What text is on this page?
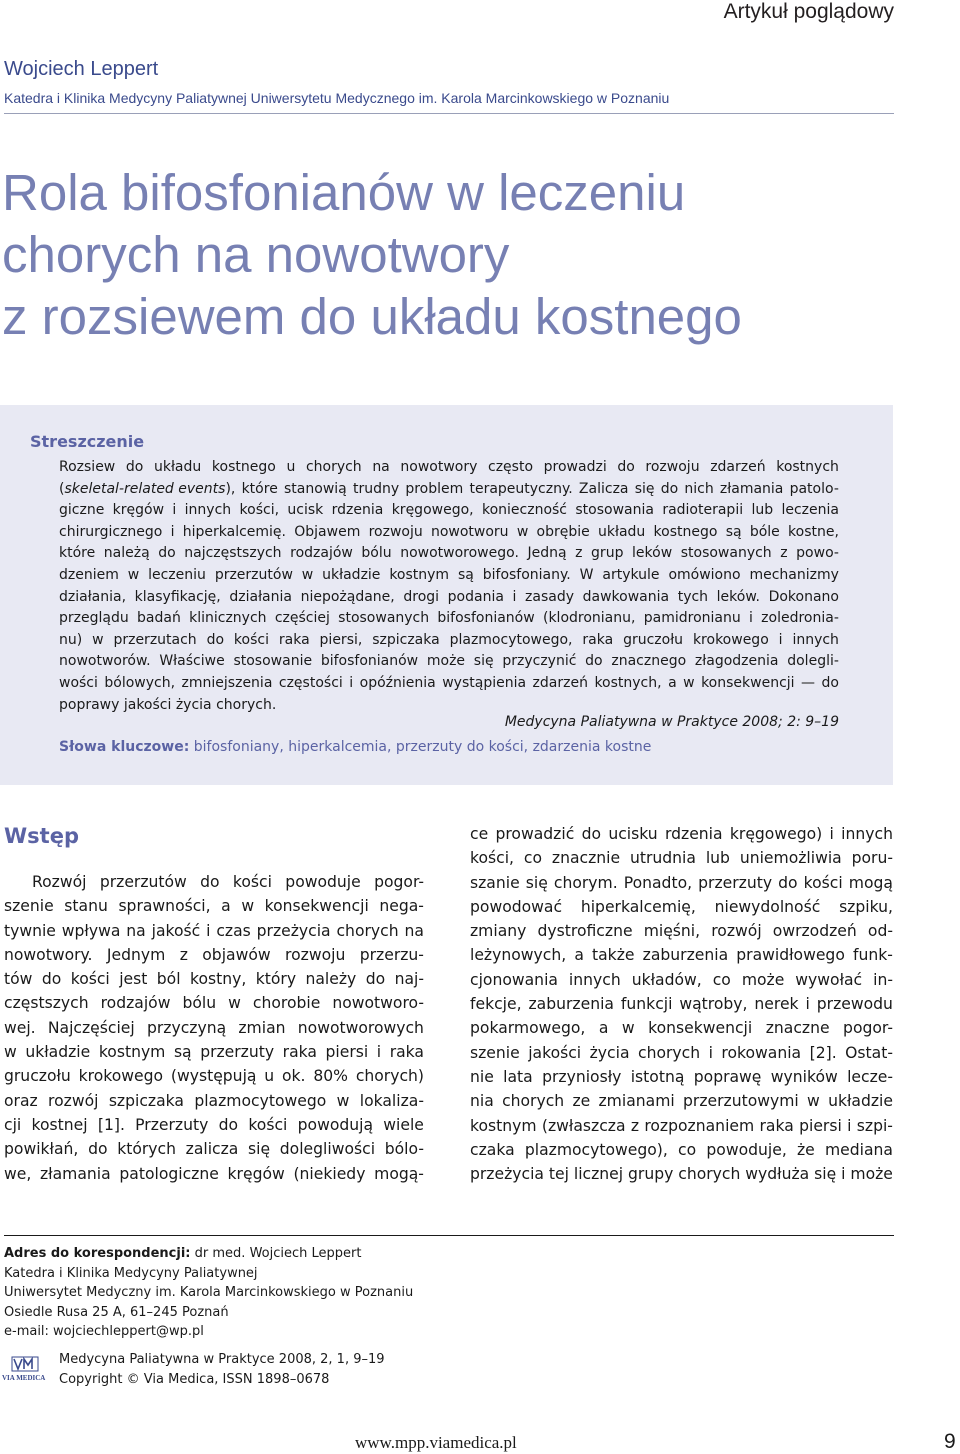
Artykuł poglądowy
Wojciech Leppert
Katedra i Klinika Medycyny Paliatywnej Uniwersytetu Medycznego im. Karola Marcinkowskiego w Poznaniu
Rola bifosfonianów w leczeniu
chorych na nowotwory
z rozsiewem do układu kostnego
Streszczenie
Rozsiew do układu kostnego u chorych na nowotwory często prowadzi do rozwoju zdarzeń kostnych
(skeletal-related events), które stanowią trudny problem terapeutyczny. Zalicza się do nich złamania patolo-
giczne kręgów i innych kości, ucisk rdzenia kręgowego, konieczność stosowania radioterapii lub leczenia
chirurgicznego i hiperkalcemię. Objawem rozwoju nowotworu w obrębie układu kostnego są bóle kostne,
które należą do najczęstszych rodzajów bólu nowotworowego. Jedną z grup leków stosowanych z powo-
dzeniem w leczeniu przerzutów w układzie kostnym są bifosfoniany. W artykule omówiono mechanizmy
działania, klasyfikację, działania niepożądane, drogi podania i zasady dawkowania tych leków. Dokonano
przeglądu badań klinicznych częściej stosowanych bifosfonianów (klodronianu, pamidronianu i zoledronia-
nu) w przerzutach do kości raka piersi, szpiczaka plazmocytowego, raka gruczołu krokowego i innych
nowotworów. Właściwe stosowanie bifosfonianów może się przyczynić do znacznego złagodzenia dolegli-
wości bólowych, zmniejszenia częstości i opóźnienia wystąpienia zdarzeń kostnych, a w konsekwencji — do
poprawy jakości życia chorych.
Medycyna Paliatywna w Praktyce 2008; 2: 9–19
Słowa kluczowe: bifosfoniany, hiperkalcemia, przerzuty do kości, zdarzenia kostne
Wstęp
Rozwój przerzutów do kości powoduje pogor-
szenie stanu sprawności, a w konsekwencji nega-
tywnie wpływa na jakość i czas przeżycia chorych na
nowotwory. Jednym z objawów rozwoju przerzu-
tów do kości jest ból kostny, który należy do naj-
częstszych rodzajów bólu w chorobie nowotworo-
wej. Najczęściej przyczyną zmian nowotworowych
w układzie kostnym są przerzuty raka piersi i raka
gruczołu krokowego (występują u ok. 80% chorych)
oraz rozwój szpiczaka plazmocytowego w lokaliza-
cji kostnej [1]. Przerzuty do kości powodują wiele
powikłań, do których zalicza się dolegliwości bólo-
we, złamania patologiczne kręgów (niekiedy mogą-
ce prowadzić do ucisku rdzenia kręgowego) i innych
kości, co znacznie utrudnia lub uniemożliwia poru-
szanie się chorym. Ponadto, przerzuty do kości mogą
powodować hiperkalcemię, niewydolność szpiku,
zmiany dystroficzne mięśni, rozwój owrzodzeń od-
leżynowych, a także zaburzenia prawidłowego funk-
cjonowania innych układów, co może wywołać in-
fekcje, zaburzenia funkcji wątroby, nerek i przewodu
pokarmowego, a w konsekwencji znaczne pogor-
szenie jakości życia chorych i rokowania [2]. Ostat-
nie lata przyniosły istotną poprawę wyników lecze-
nia chorych ze zmianami przerzutowymi w układzie
kostnym (zwłaszcza z rozpoznaniem raka piersi i szpi-
czaka plazmocytowego), co powoduje, że mediana
przeżycia tej licznej grupy chorych wydłuża się i może
Adres do korespondencji: dr med. Wojciech Leppert
Katedra i Klinika Medycyny Paliatywnej
Uniwersytet Medyczny im. Karola Marcinkowskiego w Poznaniu
Osiedle Rusa 25 A, 61–245 Poznań
e-mail: wojciechleppert@wp.pl
VIA MEDICA
Medycyna Paliatywna w Praktyce 2008, 2, 1, 9–19
Copyright © Via Medica, ISSN 1898–0678
www.mpp.viamedica.pl	9
